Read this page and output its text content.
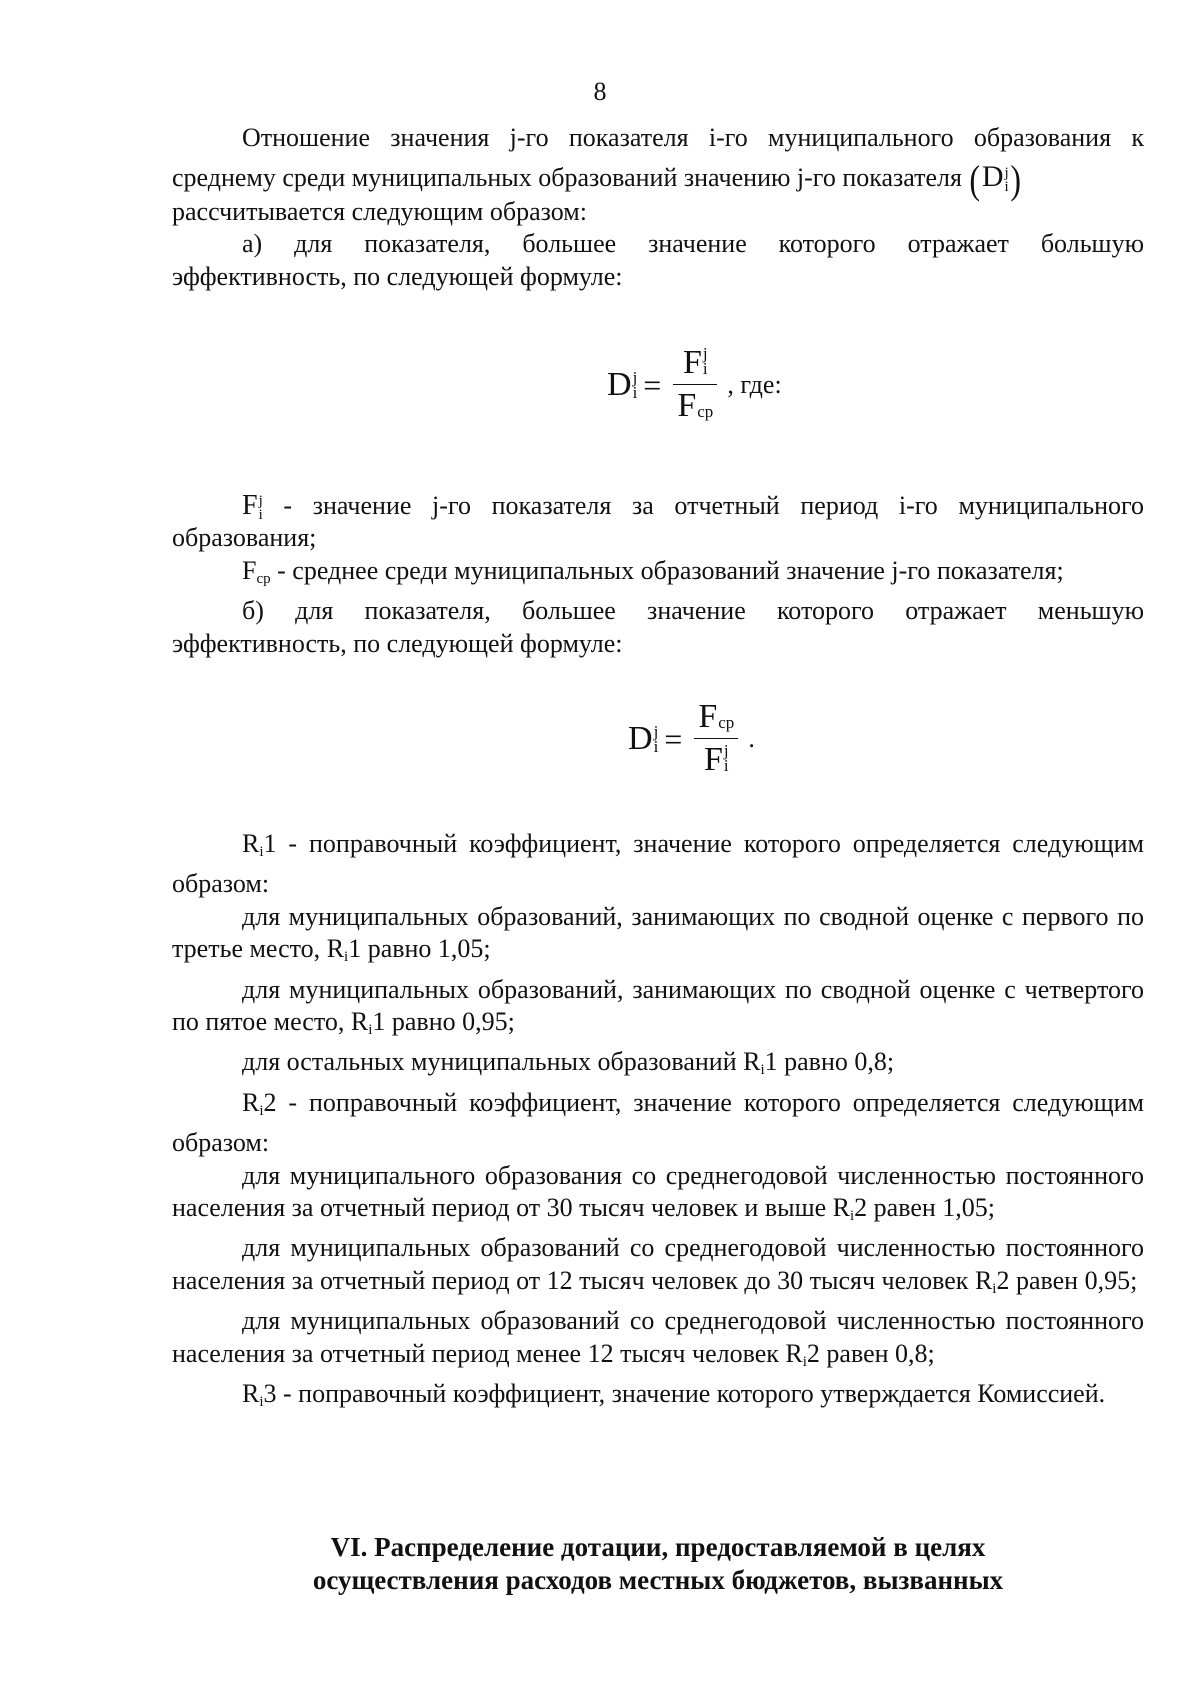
8

Отношение значения j-го показателя i-го муниципального образования к среднему среди муниципальных образований значению j-го показателя (D j
i )

рассчитывается следующим образом:

а) для показателя, большее значение которого отражает большую эффективность, по следующей формуле:

D j
i = F j
i
F
ср , где:

F j
i - значение j-го показателя за отчетный период i-го муниципального образования;

Fср - среднее среди муниципальных образований значение j-го показателя;

б) для показателя, большее значение которого отражает меньшую эффективность, по следующей формуле:

D j
i = F
ср
F j
i .

Ri1 - поправочный коэффициент, значение которого определяется следующим образом:

для муниципальных образований, занимающих по сводной оценке с первого по третье место, Ri1 равно 1,05;

для муниципальных образований, занимающих по сводной оценке с четвертого по пятое место, Ri1 равно 0,95;

для остальных муниципальных образований Ri1 равно 0,8;

Ri2 - поправочный коэффициент, значение которого определяется следующим образом:

для муниципального образования со среднегодовой численностью постоянного населения за отчетный период от 30 тысяч человек и выше Ri2 равен 1,05;

для муниципальных образований со среднегодовой численностью постоянного населения за отчетный период от 12 тысяч человек до 30 тысяч человек Ri2 равен 0,95;

для муниципальных образований со среднегодовой численностью постоянного населения за отчетный период менее 12 тысяч человек Ri2 равен 0,8;

Ri3 - поправочный коэффициент, значение которого утверждается Комиссией.

VI. Распределение дотации, предоставляемой в целях
осуществления расходов местных бюджетов, вызванных
